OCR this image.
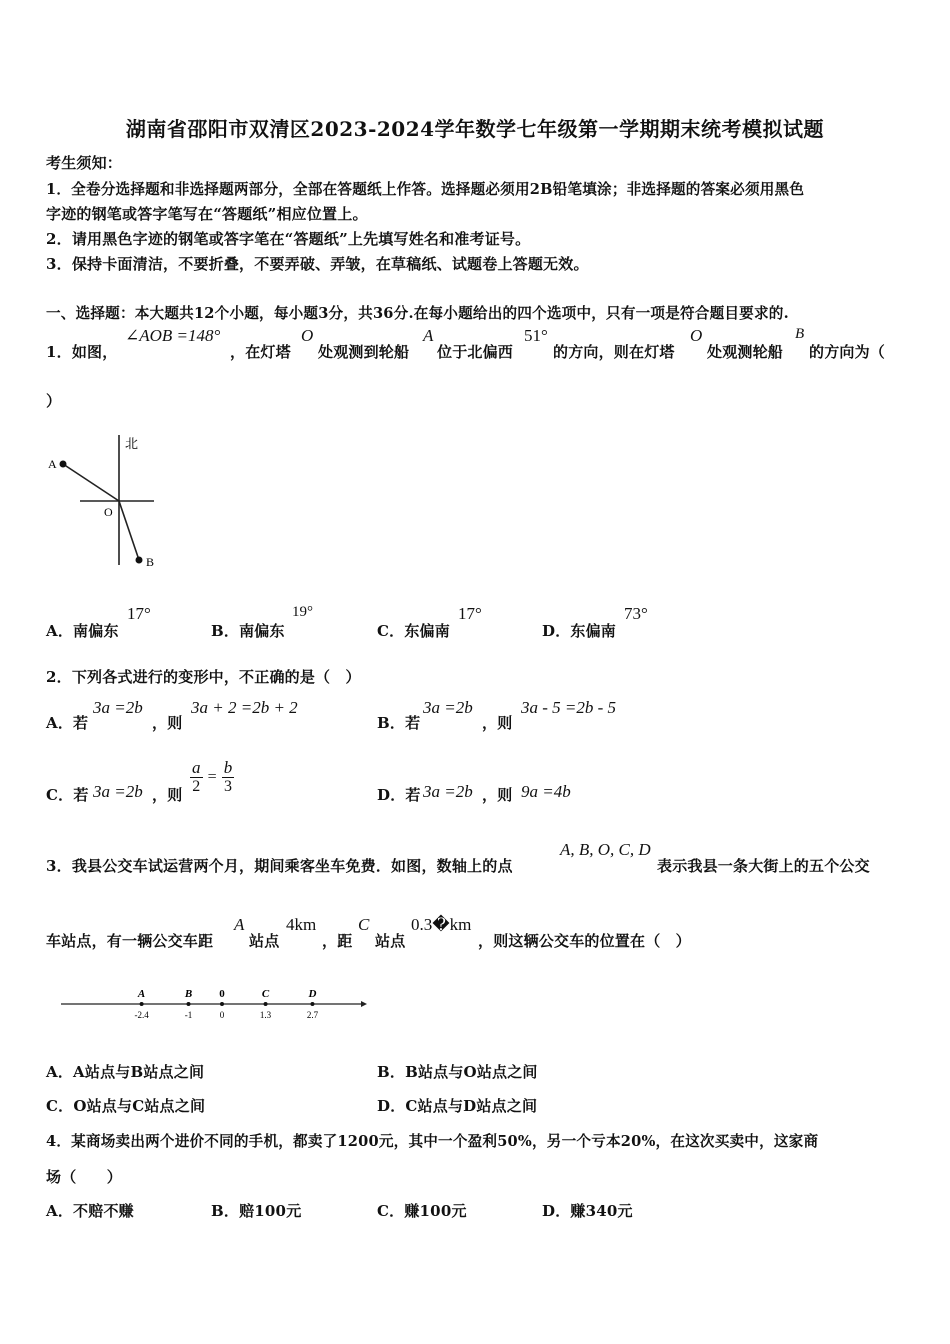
湖南省邵阳市双清区2023-2024学年数学七年级第一学期期末统考模拟试题
考生须知：
1．全卷分选择题和非选择题两部分，全部在答题纸上作答。选择题必须用2B铅笔填涂；非选择题的答案必须用黑色
字迹的钢笔或答字笔写在“答题纸”相应位置上。
2．请用黑色字迹的钢笔或答字笔在“答题纸”上先填写姓名和准考证号。
3．保持卡面清洁，不要折叠，不要弄破、弄皱，在草稿纸、试题卷上答题无效。
一、选择题：本大题共12个小题，每小题3分，共36分.在每小题给出的四个选项中，只有一项是符合题目要求的.
1．如图，
∠AOB =148°
，在灯塔
O
处观测到轮船
A
位于北偏西
51°
的方向，则在灯塔
O
处观测轮船
B
的方向为（
）
北
A
O
B
A．南偏东
17°
B．南偏东
19°
C．东偏南
17°
D．东偏南
73°
2．下列各式进行的变形中，不正确的是（　）
A．若
3a =2b
，则
3a + 2 =2b + 2
B．若
3a =2b
，则
3a - 5 =2b - 5
C．若 3a =2b ，则 $\frac{a}{2} = \frac{b}{3}$	D．若 3a =2b ，则 9a =4b
3．我县公交车试运营两个月，期间乘客坐车免费．如图，数轴上的点
A, B, O, C, D
表示我县一条大街上的五个公交
车站点，有一辆公交车距
A
站点
4km
，距
C
站点
0.3�km
，则这辆公交车的位置在（　）
A
-2.4
B
-1
0
0
C
1.3
D
2.7
A．A站点与B站点之间	B．B站点与O站点之间
C．O站点与C站点之间	D．C站点与D站点之间
4．某商场卖出两个进价不同的手机，都卖了1200元，其中一个盈利50%，另一个亏本20%，在这次买卖中，这家商
场（　　）
A．不赔不赚	B．赔100元	C．赚100元	D．赚340元
